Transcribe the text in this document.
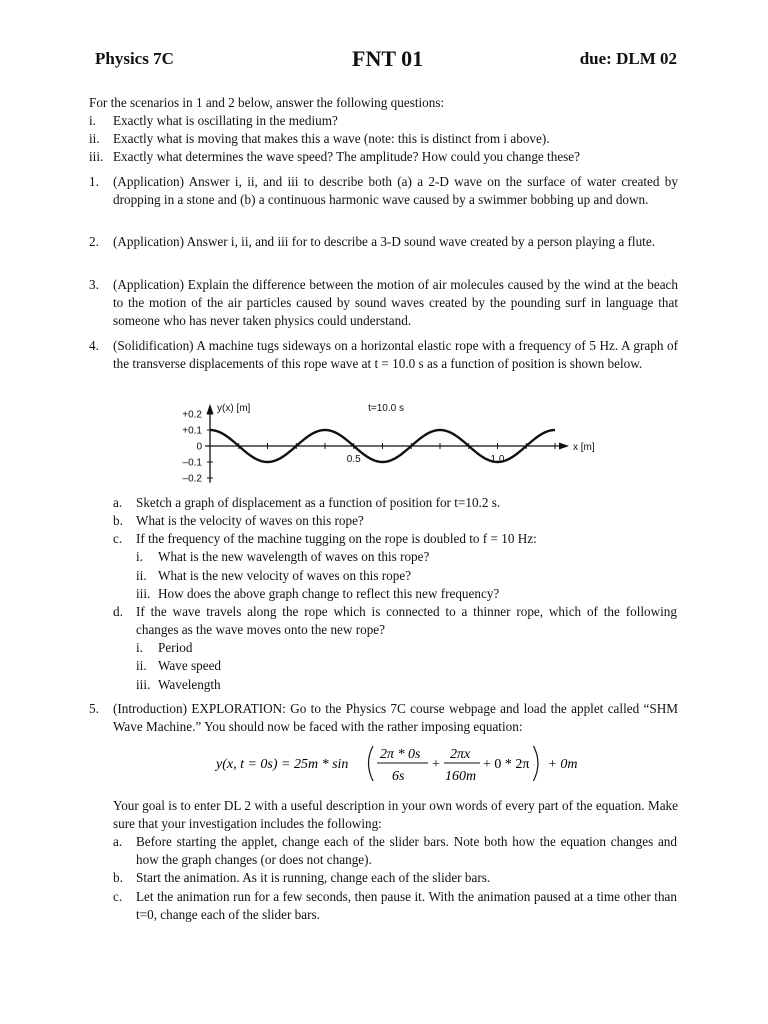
Physics 7C	FNT 01	due: DLM 02
For the scenarios in 1 and 2 below, answer the following questions:
i. Exactly what is oscillating in the medium?
ii. Exactly what is moving that makes this a wave (note: this is distinct from i above).
iii. Exactly what determines the wave speed? The amplitude? How could you change these?
1. (Application) Answer i, ii, and iii to describe both (a) a 2-D wave on the surface of water created by dropping in a stone and (b) a continuous harmonic wave caused by a swimmer bobbing up and down.
2. (Application) Answer i, ii, and iii for to describe a 3-D sound wave created by a person playing a flute.
3. (Application) Explain the difference between the motion of air molecules caused by the wind at the beach to the motion of the air particles caused by sound waves created by the pounding surf in language that someone who has never taken physics could understand.
4. (Solidification) A machine tugs sideways on a horizontal elastic rope with a frequency of 5 Hz. A graph of the transverse displacements of this rope wave at t = 10.0 s as a function of position is shown below.
+0.2
+0.1
0
–0.1
–0.2
0.5	1.0
y(x) [m]
x [m]
t=10.0 s
a. Sketch a graph of displacement as a function of position for t=10.2 s.
b. What is the velocity of waves on this rope?
c. If the frequency of the machine tugging on the rope is doubled to f = 10 Hz:
i. What is the new wavelength of waves on this rope?
ii. What is the new velocity of waves on this rope?
iii. How does the above graph change to reflect this new frequency?
d. If the wave travels along the rope which is connected to a thinner rope, which of the following changes as the wave moves onto the new rope?
i. Period
ii. Wave speed
iii. Wavelength
5. (Introduction) EXPLORATION: Go to the Physics 7C course webpage and load the applet called “SHM Wave Machine.” You should now be faced with the rather imposing equation:
y(x, t = 0s) = 25m * sin
2π * 0s
6s
+
2πx
160m
+ 0 * 2π + 0m
Your goal is to enter DL 2 with a useful description in your own words of every part of the equation. Make sure that your investigation includes the following:
a. Before starting the applet, change each of the slider bars. Note both how the equation changes and how the graph changes (or does not change).
b. Start the animation. As it is running, change each of the slider bars.
c. Let the animation run for a few seconds, then pause it. With the animation paused at a time other than t=0, change each of the slider bars.
